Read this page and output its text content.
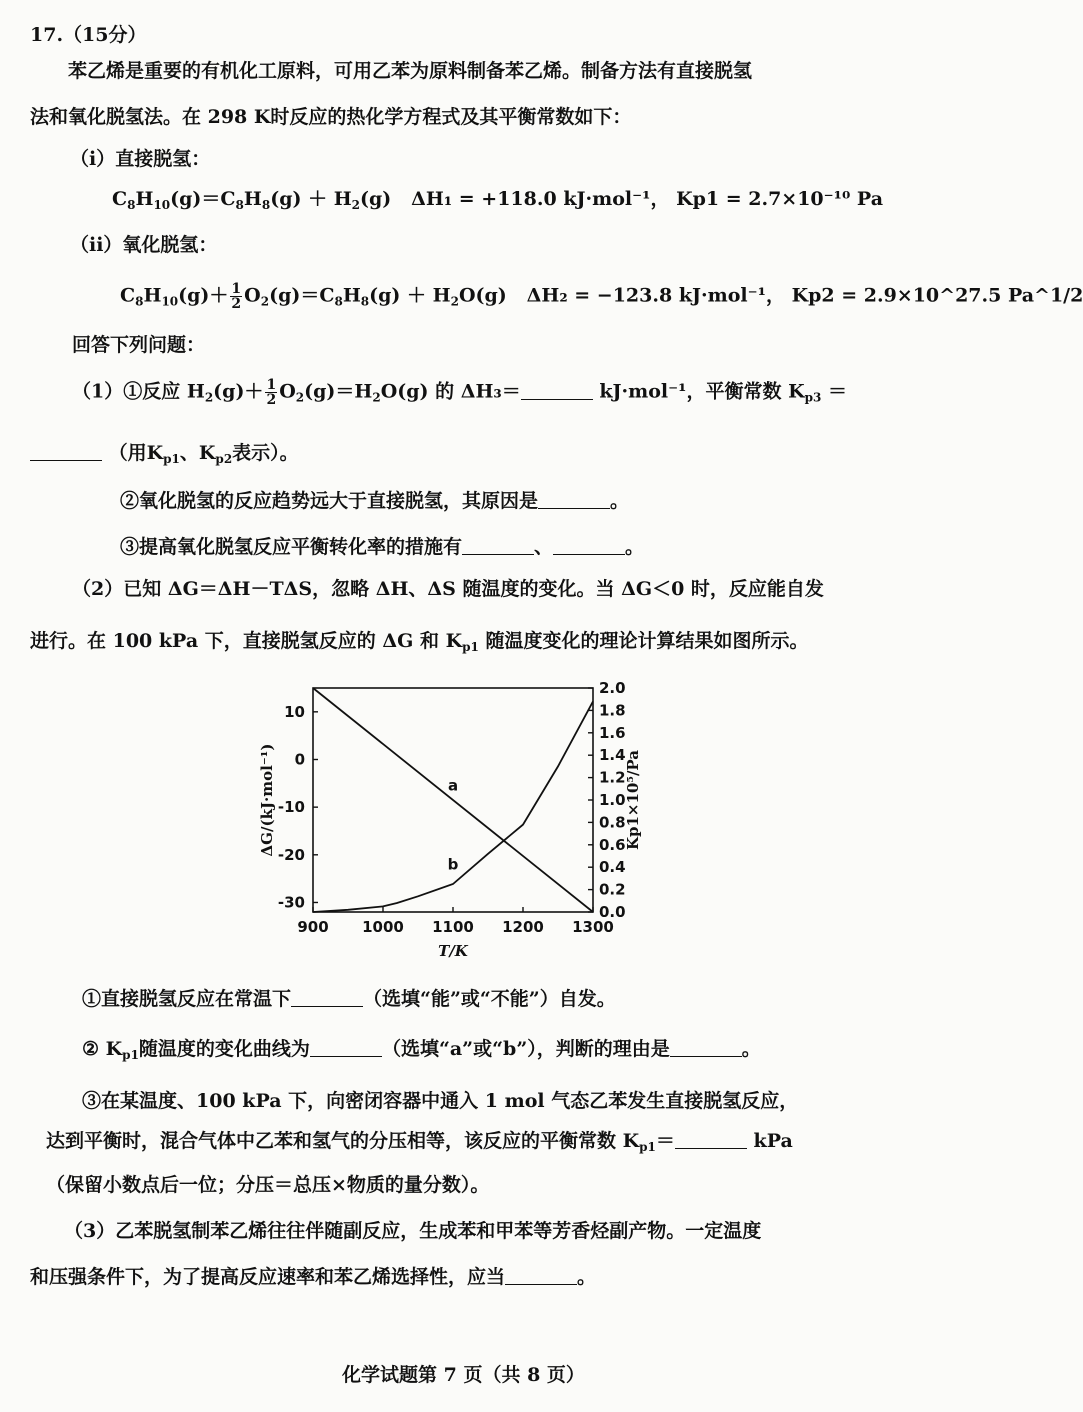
17.（15分）
苯乙烯是重要的有机化工原料，可用乙苯为原料制备苯乙烯。制备方法有直接脱氢
法和氧化脱氢法。在 298 K时反应的热化学方程式及其平衡常数如下：
（i）直接脱氢：
$C_8H_{10}(g)=C_8H_8(g) + H_2(g) \Delta H_1 = +118.0$ kJ·mol⁻¹， Kp1 = 2.7×10⁻¹⁰ Pa
（ii）氧化脱氢：
$C_8H_{10}(g)+ \frac{1}{2} O_2(g)=C_8H_8(g) + H_2O(g) \Delta H_2 = -123.8$ kJ·mol⁻¹， Kp2 = 2.9×10^27.5 Pa^1/2
回答下列问题：
（1）①反应 $H_2(g)+ \frac{1}{2} O_2(g)=H_2O(g)$ 的 ΔH₃＝	kJ·mol⁻¹，平衡常数 $K_{p3}$ ＝
（用$K_{p1}$、$K_{p2}$表示）。
②氧化脱氢的反应趋势远大于直接脱氢，其原因是	。
③提高氧化脱氢反应平衡转化率的措施有	、	。
（2）已知 ΔG＝ΔH－TΔS，忽略 ΔH、ΔS 随温度的变化。当 ΔG＜0 时，反应能自发
进行。在 100 kPa 下，直接脱氢反应的 ΔG 和 $K_{p1}$ 随温度变化的理论计算结果如图所示。
900 1000 1100 1200 1300
T/K
10
0
-10
-20
-30
ΔG/(kJ·mol⁻¹)
0.0
0.2
0.4
0.6
0.8
1.0
1.2
1.4
1.6
1.8
2.0
Kp1×10⁵/Pa
a
b
①直接脱氢反应在常温下	（选填“能”或“不能”）自发。
② $K_{p1}$随温度的变化曲线为	（选填“a”或“b”），判断的理由是	。
③在某温度、100 kPa 下，向密闭容器中通入 1 mol 气态乙苯发生直接脱氢反应，
达到平衡时，混合气体中乙苯和氢气的分压相等，该反应的平衡常数 $K_{p1}=$	kPa
（保留小数点后一位；分压＝总压×物质的量分数）。
（3）乙苯脱氢制苯乙烯往往伴随副反应，生成苯和甲苯等芳香烃副产物。一定温度
和压强条件下，为了提高反应速率和苯乙烯选择性，应当	。
化学试题第 7 页（共 8 页）
